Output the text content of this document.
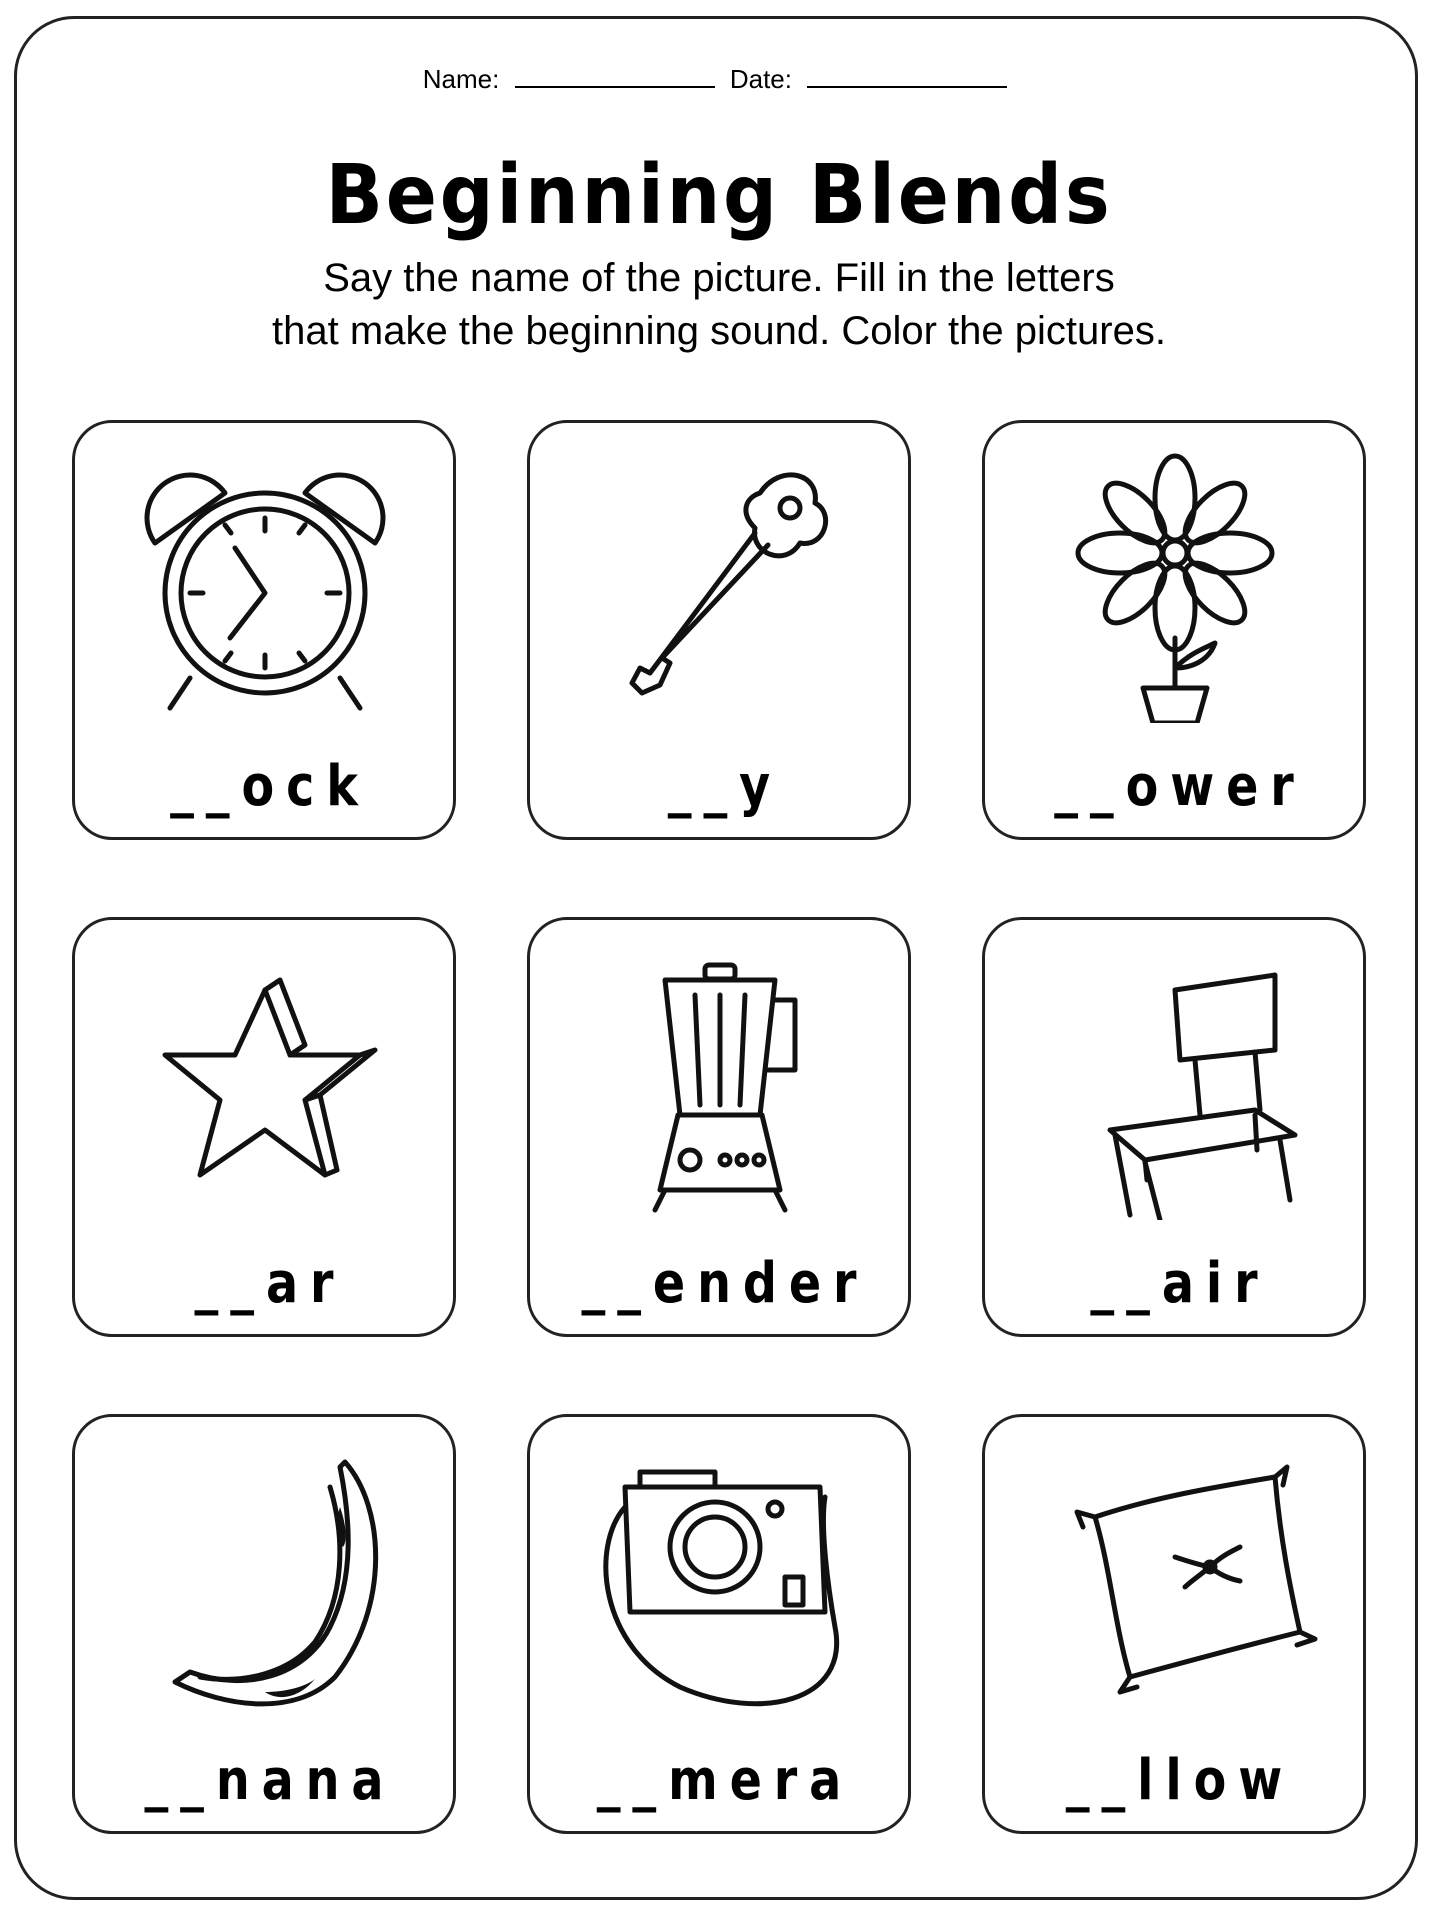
Name:	Date:
Beginning Blends
Say the name of the picture. Fill in the letters
that make the beginning sound. Color the pictures.
__ock	__y	__ower
__ar	__ender	__air
__nana	__mera	__llow
